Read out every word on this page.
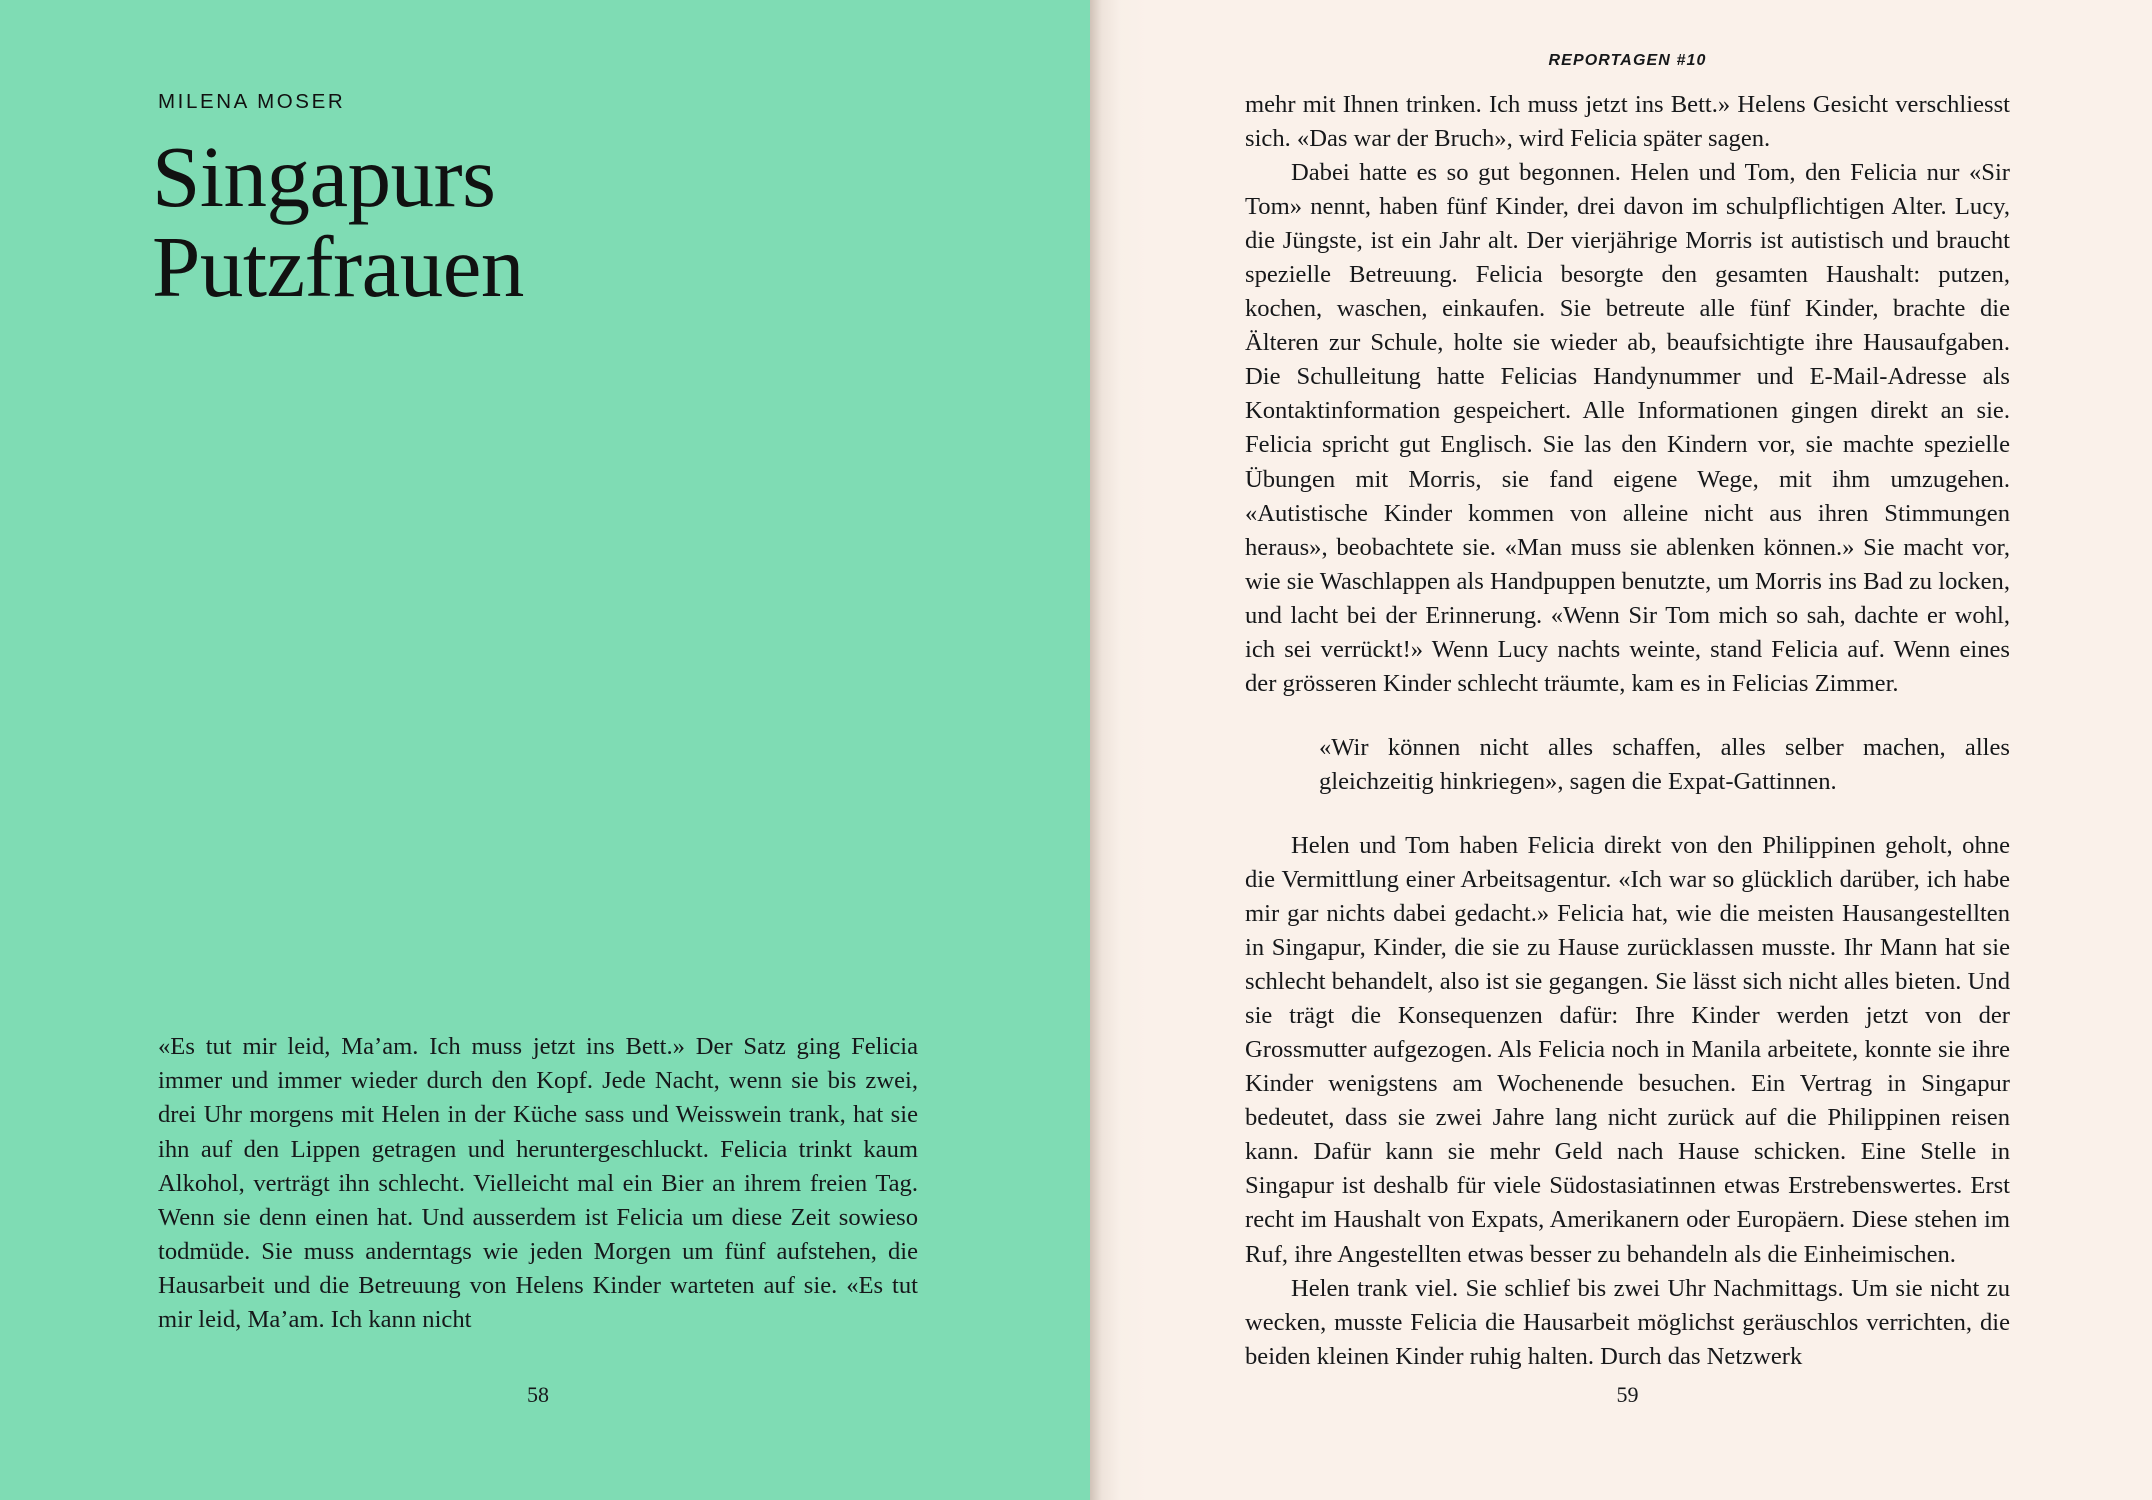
MILENA MOSER
Singapurs
Putzfrauen
«Es tut mir leid, Ma’am. Ich muss jetzt ins Bett.» Der Satz ging Felicia immer und immer wieder durch den Kopf. Jede Nacht, wenn sie bis zwei, drei Uhr morgens mit Helen in der Küche sass und Weisswein trank, hat sie ihn auf den Lippen getragen und heruntergeschluckt. Felicia trinkt kaum Alkohol, verträgt ihn schlecht. Vielleicht mal ein Bier an ihrem freien Tag. Wenn sie denn einen hat. Und ausserdem ist Felicia um diese Zeit sowieso todmüde. Sie muss anderntags wie jeden Morgen um fünf aufstehen, die Hausarbeit und die Betreuung von Helens Kinder warteten auf sie. «Es tut mir leid, Ma’am. Ich kann nicht
58
REPORTAGEN #10

mehr mit Ihnen trinken. Ich muss jetzt ins Bett.» Helens Gesicht verschliesst sich. «Das war der Bruch», wird Felicia später sagen.

Dabei hatte es so gut begonnen. Helen und Tom, den Felicia nur «Sir Tom» nennt, haben fünf Kinder, drei davon im schulpflichtigen Alter. Lucy, die Jüngste, ist ein Jahr alt. Der vierjährige Morris ist autistisch und braucht spezielle Betreuung. Felicia besorgte den gesamten Haushalt: putzen, kochen, waschen, einkaufen. Sie betreute alle fünf Kinder, brachte die Älteren zur Schule, holte sie wieder ab, beaufsichtigte ihre Hausaufgaben. Die Schulleitung hatte Felicias Handynummer und E-Mail-Adresse als Kontaktinformation gespeichert. Alle Informationen gingen direkt an sie. Felicia spricht gut Englisch. Sie las den Kindern vor, sie machte spezielle Übungen mit Morris, sie fand eigene Wege, mit ihm umzugehen. «Autistische Kinder kommen von alleine nicht aus ihren Stimmungen heraus», beobachtete sie. «Man muss sie ablenken können.» Sie macht vor, wie sie Waschlappen als Handpuppen benutzte, um Morris ins Bad zu locken, und lacht bei der Erinnerung. «Wenn Sir Tom mich so sah, dachte er wohl, ich sei verrückt!» Wenn Lucy nachts weinte, stand Felicia auf. Wenn eines der grösseren Kinder schlecht träumte, kam es in Felicias Zimmer.

«Wir können nicht alles schaffen, alles selber machen, alles gleichzeitig hinkriegen», sagen die Expat-Gattinnen.

Helen und Tom haben Felicia direkt von den Philippinen geholt, ohne die Vermittlung einer Arbeitsagentur. «Ich war so glücklich darüber, ich habe mir gar nichts dabei gedacht.» Felicia hat, wie die meisten Hausangestellten in Singapur, Kinder, die sie zu Hause zurücklassen musste. Ihr Mann hat sie schlecht behandelt, also ist sie gegangen. Sie lässt sich nicht alles bieten. Und sie trägt die Konsequenzen dafür: Ihre Kinder werden jetzt von der Grossmutter aufgezogen. Als Felicia noch in Manila arbeitete, konnte sie ihre Kinder wenigstens am Wochenende besuchen. Ein Vertrag in Singapur bedeutet, dass sie zwei Jahre lang nicht zurück auf die Philippinen reisen kann. Dafür kann sie mehr Geld nach Hause schicken. Eine Stelle in Singapur ist deshalb für viele Südostasiatinnen etwas Erstrebenswertes. Erst recht im Haushalt von Expats, Amerikanern oder Europäern. Diese stehen im Ruf, ihre Angestellten etwas besser zu behandeln als die Einheimischen.

Helen trank viel. Sie schlief bis zwei Uhr Nachmittags. Um sie nicht zu wecken, musste Felicia die Hausarbeit möglichst geräuschlos verrichten, die beiden kleinen Kinder ruhig halten. Durch das Netzwerk

59
